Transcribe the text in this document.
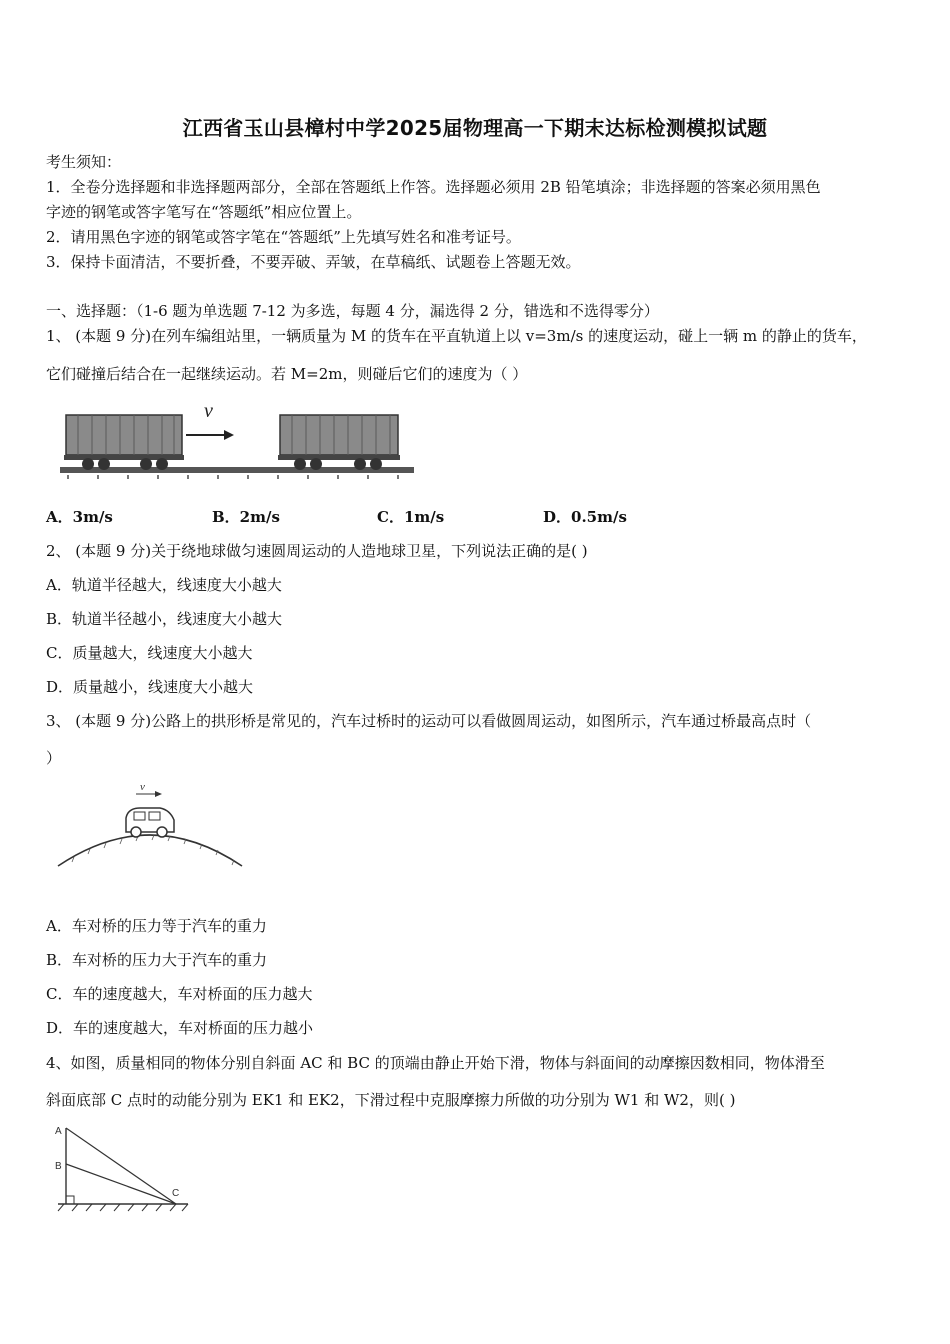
江西省玉山县樟村中学2025届物理高一下期末达标检测模拟试题
考生须知：
1．全卷分选择题和非选择题两部分，全部在答题纸上作答。选择题必须用 2B 铅笔填涂；非选择题的答案必须用黑色
字迹的钢笔或答字笔写在“答题纸”相应位置上。
2．请用黑色字迹的钢笔或答字笔在“答题纸”上先填写姓名和准考证号。
3．保持卡面清洁，不要折叠，不要弄破、弄皱，在草稿纸、试题卷上答题无效。
一、选择题：（1-6 题为单选题 7-12 为多选，每题 4 分，漏选得 2 分，错选和不选得零分）
1、 (本题 9 分)在列车编组站里，一辆质量为 M 的货车在平直轨道上以 v=3m/s 的速度运动，碰上一辆 m 的静止的货车，
它们碰撞后结合在一起继续运动。若 M=2m，则碰后它们的速度为（ ）
v
A．3m/s	B．2m/s	C．1m/s	D．0.5m/s
2、 (本题 9 分)关于绕地球做匀速圆周运动的人造地球卫星，下列说法正确的是( )
A．轨道半径越大，线速度大小越大
B．轨道半径越小，线速度大小越大
C．质量越大，线速度大小越大
D．质量越小，线速度大小越大
3、 (本题 9 分)公路上的拱形桥是常见的，汽车过桥时的运动可以看做圆周运动，如图所示，汽车通过桥最高点时（
）
v
A．车对桥的压力等于汽车的重力
B．车对桥的压力大于汽车的重力
C．车的速度越大，车对桥面的压力越大
D．车的速度越大，车对桥面的压力越小
4、如图，质量相同的物体分别自斜面 AC 和 BC 的顶端由静止开始下滑，物体与斜面间的动摩擦因数相同，物体滑至
斜面底部 C 点时的动能分别为 EK1 和 EK2，下滑过程中克服摩擦力所做的功分别为 W1 和 W2，则( )
A
B
C
